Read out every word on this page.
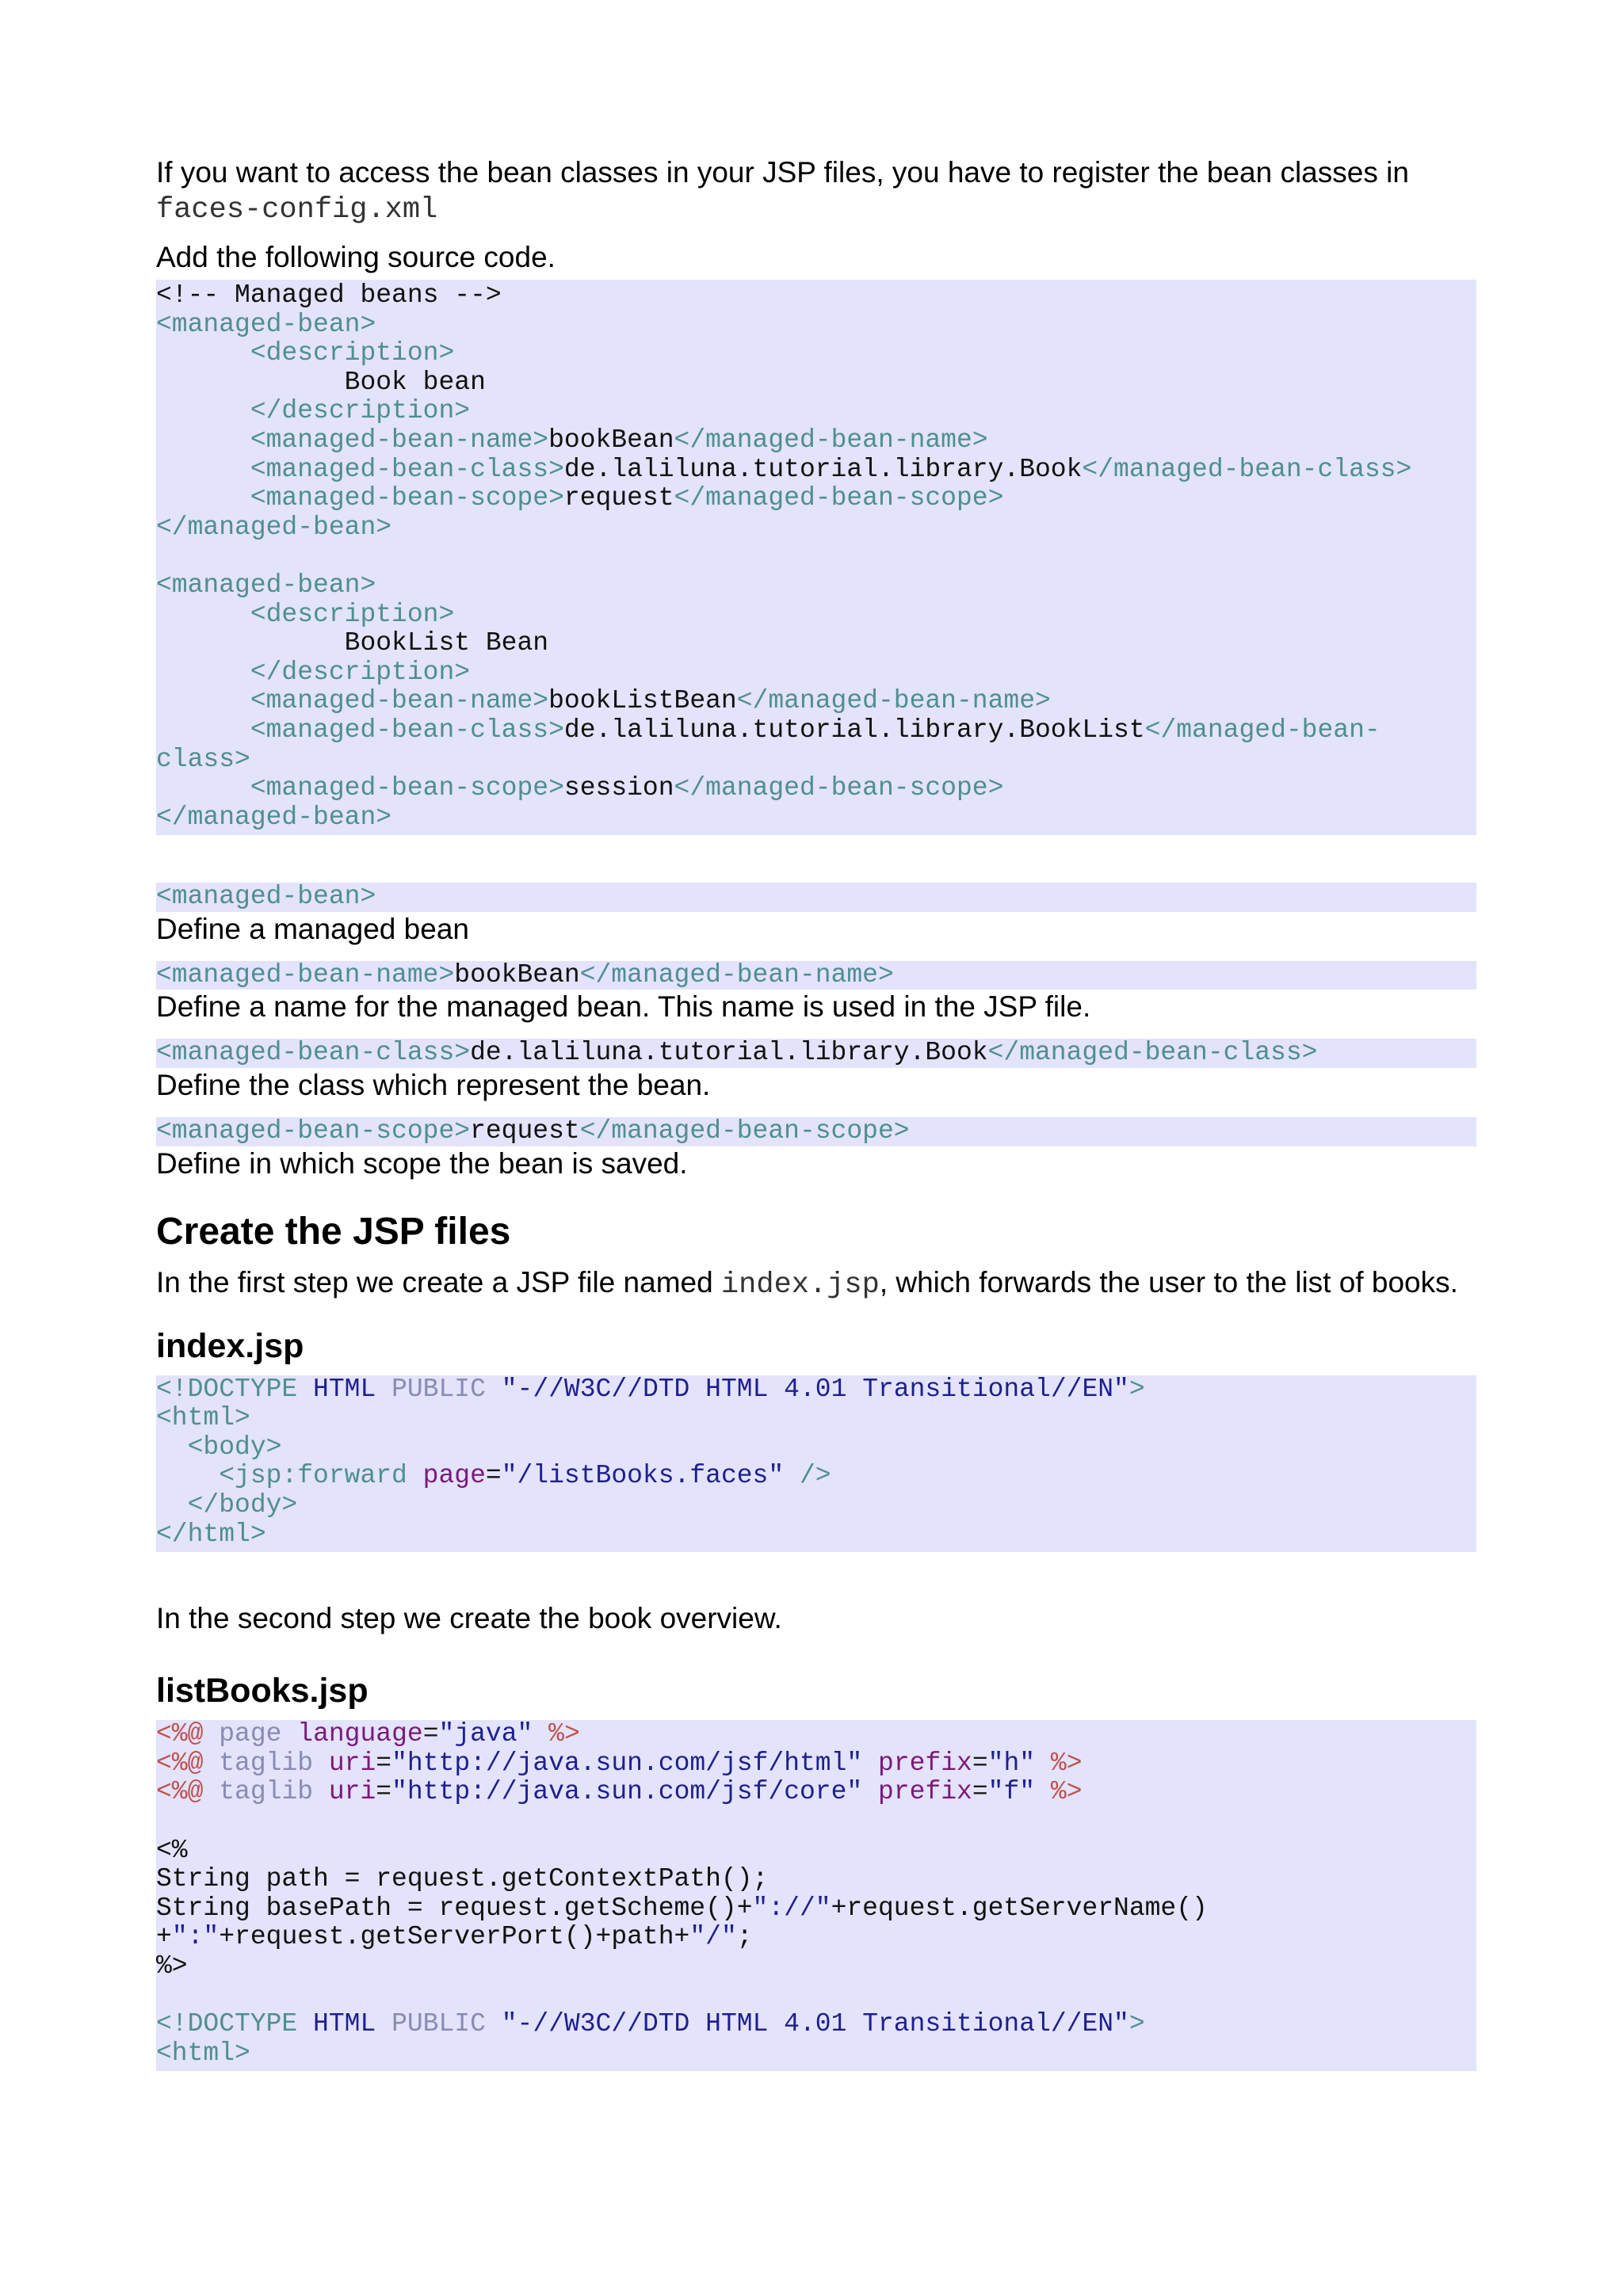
If you want to access the bean classes in your JSP files, you have to register the bean classes in
faces-config.xml

Add the following source code.

<!-- Managed beans -->
<managed-bean>
<description>
Book bean
</description>
<managed-bean-name>bookBean</managed-bean-name>
<managed-bean-class>de.laliluna.tutorial.library.Book</managed-bean-class>
<managed-bean-scope>request</managed-bean-scope>
</managed-bean>

<managed-bean>
<description>
BookList Bean
</description>
<managed-bean-name>bookListBean</managed-bean-name>
<managed-bean-class>de.laliluna.tutorial.library.BookList</managed-bean-
class>
<managed-bean-scope>session</managed-bean-scope>
</managed-bean>
<managed-bean>

Define a managed bean

<managed-bean-name>bookBean</managed-bean-name>

Define a name for the managed bean. This name is used in the JSP file.

<managed-bean-class>de.laliluna.tutorial.library.Book</managed-bean-class>

Define the class which represent the bean.

<managed-bean-scope>request</managed-bean-scope>

Define in which scope the bean is saved.

Create the JSP files

In the first step we create a JSP file named index.jsp, which forwards the user to the list of books.

index.jsp
<!DOCTYPE HTML PUBLIC "-//W3C//DTD HTML 4.01 Transitional//EN">
<html>
<body>
<jsp:forward page="/listBooks.faces" />
</body>
</html>

In the second step we create the book overview.

listBooks.jsp
<%@ page language="java" %>
<%@ taglib uri="http://java.sun.com/jsf/html" prefix="h" %>
<%@ taglib uri="http://java.sun.com/jsf/core" prefix="f" %>

<%
String path = request.getContextPath();
String basePath = request.getScheme()+"://"+request.getServerName()
+":"+request.getServerPort()+path+"/";
%>

<!DOCTYPE HTML PUBLIC "-//W3C//DTD HTML 4.01 Transitional//EN">
<html>
